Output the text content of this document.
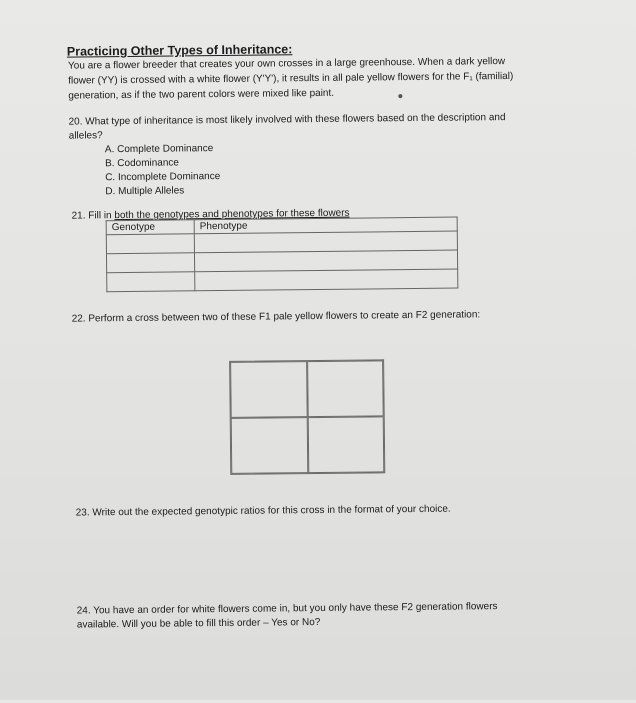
Practicing Other Types of Inheritance:
You are a flower breeder that creates your own crosses in a large greenhouse. When a dark yellow
flower (YY) is crossed with a white flower (Y'Y'), it results in all pale yellow flowers for the F₁ (familial)
generation, as if the two parent colors were mixed like paint.
20. What type of inheritance is most likely involved with these flowers based on the description and
alleles?
A. Complete Dominance
B. Codominance
C. Incomplete Dominance
D. Multiple Alleles
21. Fill in both the genotypes and phenotypes for these flowers
Genotype	Phenotype

22. Perform a cross between two of these F1 pale yellow flowers to create an F2 generation:
23. Write out the expected genotypic ratios for this cross in the format of your choice.
24. You have an order for white flowers come in, but you only have these F2 generation flowers
available. Will you be able to fill this order – Yes or No?
